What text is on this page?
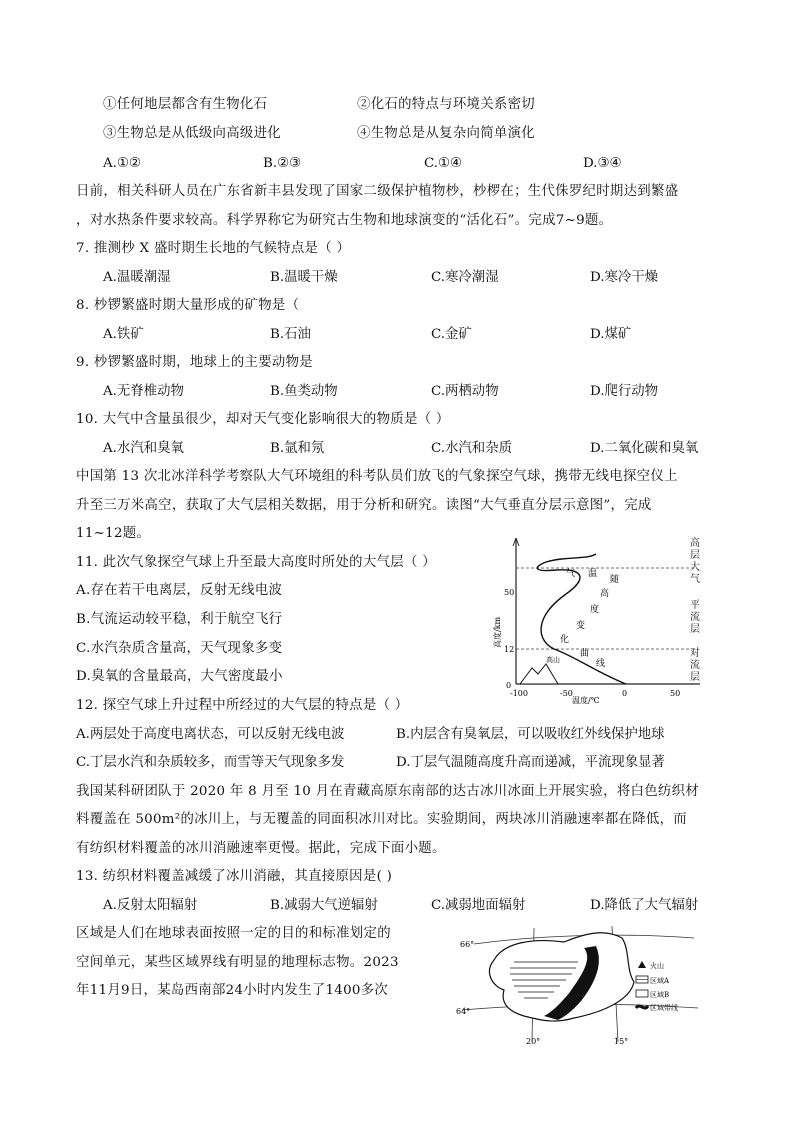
①任何地层都含有生物化石	②化石的特点与环境关系密切
③生物总是从低级向高级进化	④生物总是从复杂向简单演化
A.①②	B.②③	C.①④	D.③④
日前，相关科研人员在广东省新丰县发现了国家二级保护植物杪，杪椤在；生代侏罗纪时期达到繁盛
，对水热条件要求较高。科学界称它为研究古生物和地球演变的“活化石”。完成7~9题。
7. 推测杪 X 盛时期生长地的气候特点是（ ）
A.温暖潮湿	B.温暖干燥	C.寒冷潮湿	D.寒冷干燥
8. 杪锣繁盛时期大量形成的矿物是（
A.铁矿	B.石油	C.金矿	D.煤矿
9. 杪锣繁盛时期，地球上的主要动物是
A.无脊椎动物	B.鱼类动物	C.两栖动物	D.爬行动物
10. 大气中含量虽很少，却对天气变化影响很大的物质是（ ）
A.水汽和臭氧	B.氩和氖	C.水汽和杂质	D.二氧化碳和臭氧
中国第 13 次北冰洋科学考察队大气环境组的科考队员们放飞的气象探空气球，携带无线电探空仪上
升至三万米高空，获取了大气层相关数据，用于分析和研究。读图“大气垂直分层示意图”，完成
11~12题。
11. 此次气象探空气球上升至最大高度时所处的大气层（ ）
A.存在若干电离层，反射无线电波
B.气流运动较平稳，利于航空飞行
C.水汽杂质含量高，天气现象多变
D.臭氧的含量最高，大气密度最小
高山
50
12
0
-100	-50	0	50
温度/℃
高度/km
气 温
随
高
度
变
化
曲
线
高层大气
平流层
对流层
12. 探空气球上升过程中所经过的大气层的特点是（ ）
A.两层处于高度电离状态，可以反射无线电波	B.内层含有臭氧层，可以吸收红外线保护地球
C.丁层水汽和杂质较多，而雪等天气现象多发	D.丁层气温随高度升高而递减，平流现象显著
我国某科研团队于 2020 年 8 月至 10 月在青藏高原东南部的达古冰川冰面上开展实验，将白色纺织材
料覆盖在 500m²的冰川上，与无覆盖的同面积冰川对比。实验期间，两块冰川消融速率都在降低，而
有纺织材料覆盖的冰川消融速率更慢。据此，完成下面小题。
13. 纺织材料覆盖减缓了冰川消融，其直接原因是( )
A.反射太阳辐射	B.减弱大气逆辐射	C.减弱地面辐射	D.降低了大气辐射
区域是人们在地球表面按照一定的目的和标准划定的
空间单元，某些区域界线有明显的地理标志物。2023
年11月9日，某岛西南部24小时内发生了1400多次
66°
64°
20°	15°
火山
区域A
区域B
区域带线
